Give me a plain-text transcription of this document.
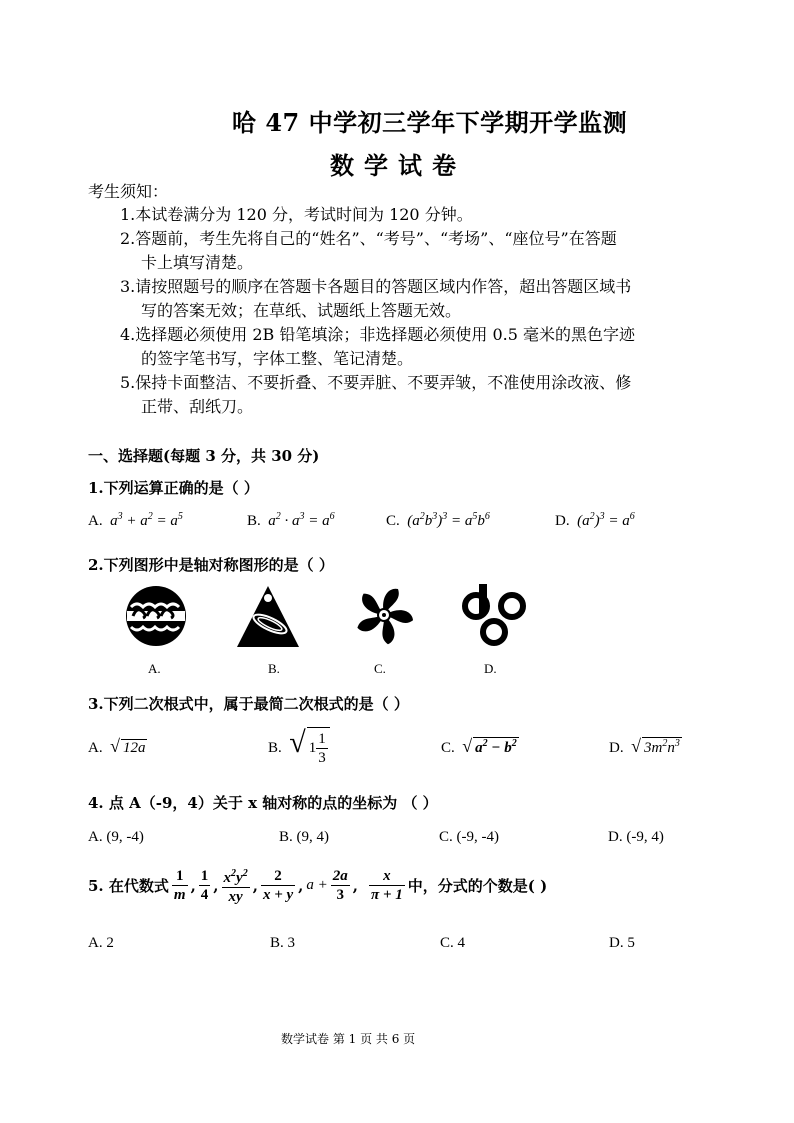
哈 47 中学初三学年下学期开学监测
数学试卷
考生须知：
1.本试卷满分为 120 分，考试时间为 120 分钟。
2.答题前，考生先将自己的“姓名”、“考号”、“考场”、“座位号”在答题
卡上填写清楚。
3.请按照题号的顺序在答题卡各题目的答题区域内作答，超出答题区域书
写的答案无效；在草纸、试题纸上答题无效。
4.选择题必须使用 2B 铅笔填涂；非选择题必须使用 0.5 毫米的黑色字迹
的签字笔书写，字体工整、笔记清楚。
5.保持卡面整洁、不要折叠、不要弄脏、不要弄皱，不准使用涂改液、修
正带、刮纸刀。
一、选择题(每题 3 分，共 30 分)
1.下列运算正确的是（ ）
A. $a^3 + a^2 = a^5$	B. $a^2 \cdot a^3 = a^6$	C. $(a^2b^3)^3 = a^5b^6$	D. $(a^2)^3 = a^6$
2.下列图形中是轴对称图形的是（ ）
A.	B.	C.	D.
3.下列二次根式中，属于最简二次根式的是（ ）
A. √ 12a	B. √ $1 \frac{1}{3}$	C. √ $a^2 - b^2$	D. √ $3m^2n^3$
4. 点 A（-9，4）关于 x 轴对称的点的坐标为 （ ）
A. (9, -4)	B. (9, 4)	C. (-9, -4)	D. (-9, 4)
5. 在代数式 $\frac{1}{m}$ , $\frac{1}{4}$ , $\frac{x^2y^2}{xy}$ , $\frac{2}{x + y}$ , $a + \frac{2a}{3}$ , $\frac{x}{\pi + 1}$ 中，分式的个数是( )
A. 2	B. 3	C. 4	D. 5
数学试卷 第 1 页 共 6 页
